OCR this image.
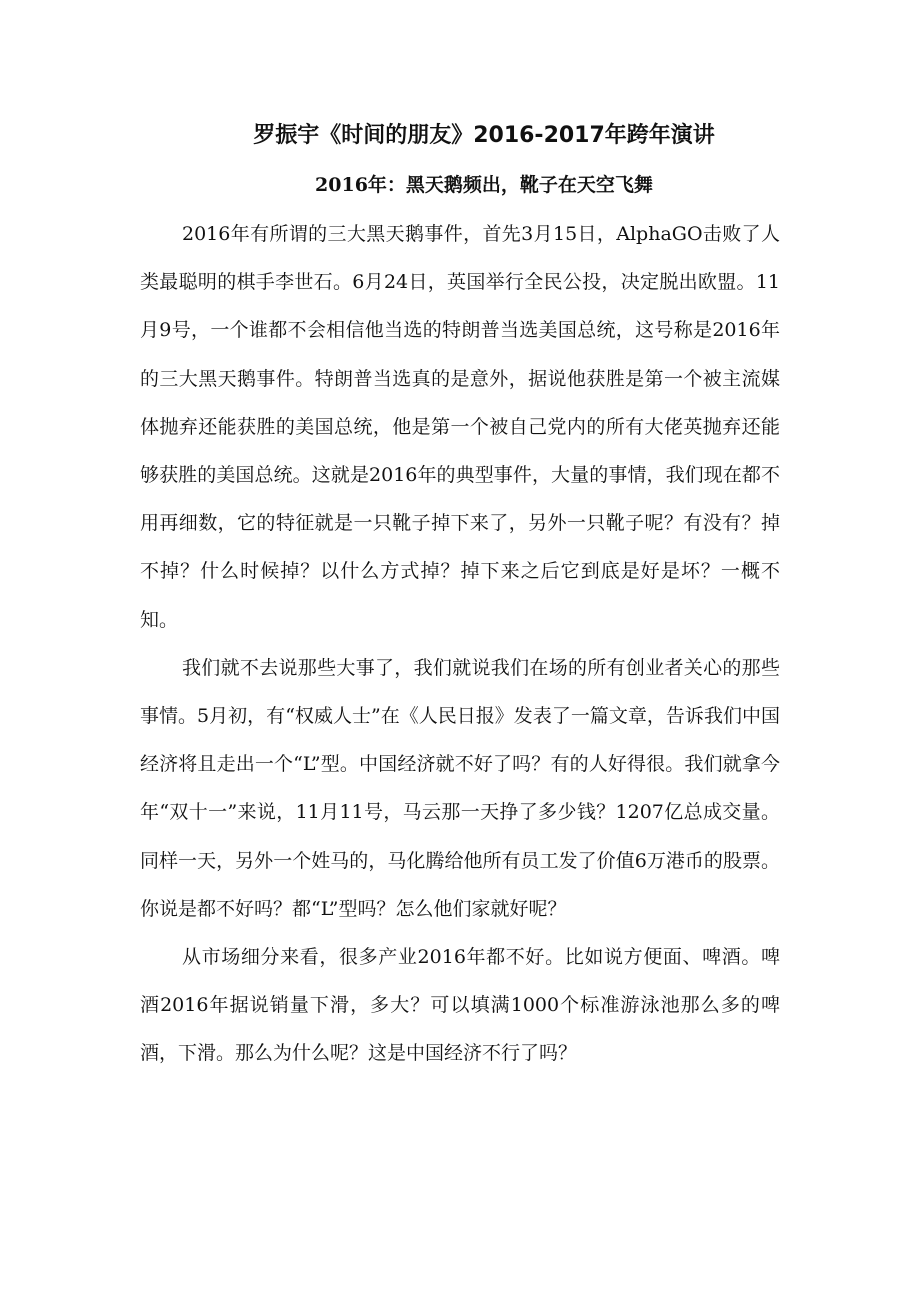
罗振宇《时间的朋友》2016-2017年跨年演讲
2016年：黑天鹅频出，靴子在天空飞舞

2016年有所谓的三大黑天鹅事件，首先3月15日，AlphaGO击败了人类最聪明的棋手李世石。6月24日，英国举行全民公投，决定脱出欧盟。11月9号，一个谁都不会相信他当选的特朗普当选美国总统，这号称是2016年的三大黑天鹅事件。特朗普当选真的是意外，据说他获胜是第一个被主流媒体抛弃还能获胜的美国总统，他是第一个被自己党内的所有大佬英抛弃还能够获胜的美国总统。这就是2016年的典型事件，大量的事情，我们现在都不用再细数，它的特征就是一只靴子掉下来了，另外一只靴子呢？有没有？掉不掉？什么时候掉？以什么方式掉？掉下来之后它到底是好是坏？一概不知。

我们就不去说那些大事了，我们就说我们在场的所有创业者关心的那些事情。5月初，有“权威人士”在《人民日报》发表了一篇文章，告诉我们中国经济将且走出一个“L”型。中国经济就不好了吗？有的人好得很。我们就拿今年“双十一”来说，11月11号，马云那一天挣了多少钱？1207亿总成交量。同样一天，另外一个姓马的，马化腾给他所有员工发了价值6万港币的股票。你说是都不好吗？都“L”型吗？怎么他们家就好呢？

从市场细分来看，很多产业2016年都不好。比如说方便面、啤酒。啤酒2016年据说销量下滑，多大？可以填满1000个标准游泳池那么多的啤酒，下滑。那么为什么呢？这是中国经济不行了吗？
